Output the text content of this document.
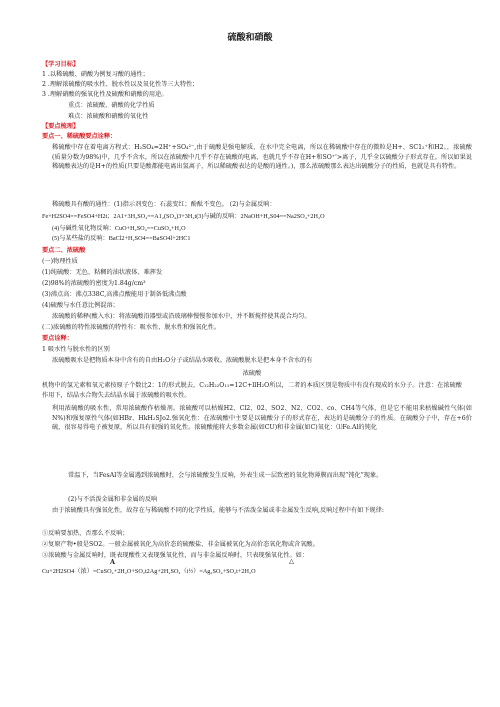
硫酸和硝酸
【学习目标】
1 .以稀硫酸、硝酸为例复习酸的通性；
2 .理解浓硫酸的吸水性、脱水性以及氧化性等三大特性；
3 .理解硝酸的强氧化性及硫酸和硝酸的用途。
重点：浓硫酸、硝酸的化学性质
难点：浓硫酸和硝酸的氧化性
【要点梳理】
要点一、稀硫酸要点诠释：
稀硫酸中存在着电离方程式：H₂SO₄=2H⁺+SO₄²⁻,由于硫酸是强电解质，在水中完全电离，所以在稀硫酸中存在的微粒是H+、SC1₂⁺和H2。，浓硫酸(质量分数为98%)中，几乎不含水，所以在浓硫酸中几乎不存在硫酸的电离，也就几乎不存在H+和SO⁺'>离子，几乎全以硫酸分子形式存在。所以如果说稀硫酸表达的是H+的性质(只要是酸都能电离出氢离子，所以稀硫酸表达的是酸的通性。)，那么浓硫酸那么表达出硫酸分子的性质，也就是具有特性。
稀硫酸具有酸的通性：(1)指示剂变色：石蕊变红；酚酞不变色。 (2)与金属反响：
Fe+H2SO4==FeSO4+H2t；2A1+3H₂SO₄==A1₂(SO₄)3+3H₂t(3)与碱的反响：2NaOH+H₂S04==Na2SO₄+2H₂O
(4)与碱性氧化物反响：CuO+H₂SO₄==CuSO₄+H₂O
(5)与某些盐的反响：BaCl2+H₂SO4==BaSO4l+2HC1
要点二、浓硫酸
(一)物理性质
(1)纯硫酸：无色、粘稠的油状液体、难挥发
(2)98%的浓硫酸的密度为1.84g/cm³
(3)沸点高：沸点338C,高沸点酸能用于制备低沸点酸
(4)硫酸与水任意比例混溶；
浓硫酸的稀释(酸入水)：将浓硫酸沿器壁或沿玻璃棒慢慢参加水中，并不断搅拌使其混合均匀。
(二)浓硫酸的特性浓硫酸的特性有：吸水性、脱水性和强氧化性。
要点诠释：
1 吸水性与脱水性的区别
浓硫酸吸水是把物质本身中含有的自由H₂O分子或结晶水吸收。浓硫酸脱水是把本身不含水的有
浓硫酸
机物中的氢元素和氧元素按原子个数比2：1的形式脱去，C₁₂H₂₂O₁₁=12C+llH₂O所以，二者的本质区别是物质中有没有现成的水分子。注意：在浓硫酸作用下，结晶水合物失去结晶水属于浓硫酸的吸水性。
利用浓硫酸的吸水性，常用浓硫酸作枯燥剂。浓硫酸可以枯燥H2、Cl2、02、SO2、N2、CO2、co、CH4等气体，但是它不能用来枯燥碱性气体(如N%)和强复原性气体(如HBr、HkH₂SJo2.强氧化性：在浓硫酸中主要是以硫酸分子的形式存在，表达的是硫酸分子的性质。在硫酸分子中，存在+6价硫，很容易得电子被复原，所以具有很强的氧化性。浓硫酸能将大多数金属(如CU)和非金属(如C)氧化：⑴Fe.Al的钝化
常温下，当FesAl等金属遇到浓硫酸时，会与浓硫酸发生反响，外表生成一层致密的氧化物薄膜而出现“钝化”现象。
(2)与不活泼金属和非金属的反响
由于浓硫酸具有强氧化性，故存在与稀硫酸不同的化学性质，能够与不活泼金属或非金属发生反响,反响过程中有如下规律:
①反响要加热，否那么不反响；
②复原产物•般是SO2。一般金属被氧化为高价态的硫酸盐，非金属被氧化为高价态氧化物或含氧酸。
③浓硫酸与金属反响时，既表现酸性又表现强氧化性，而与非金属反响时，只表现强氧化性。如：
A	△
Cu+2H2SO4（浓）=CuSO₄+2H₂O+SO₂t2Ag+2H₂SO₄（i½）=Ag₂SO₄+SO₂t+2H₂O
